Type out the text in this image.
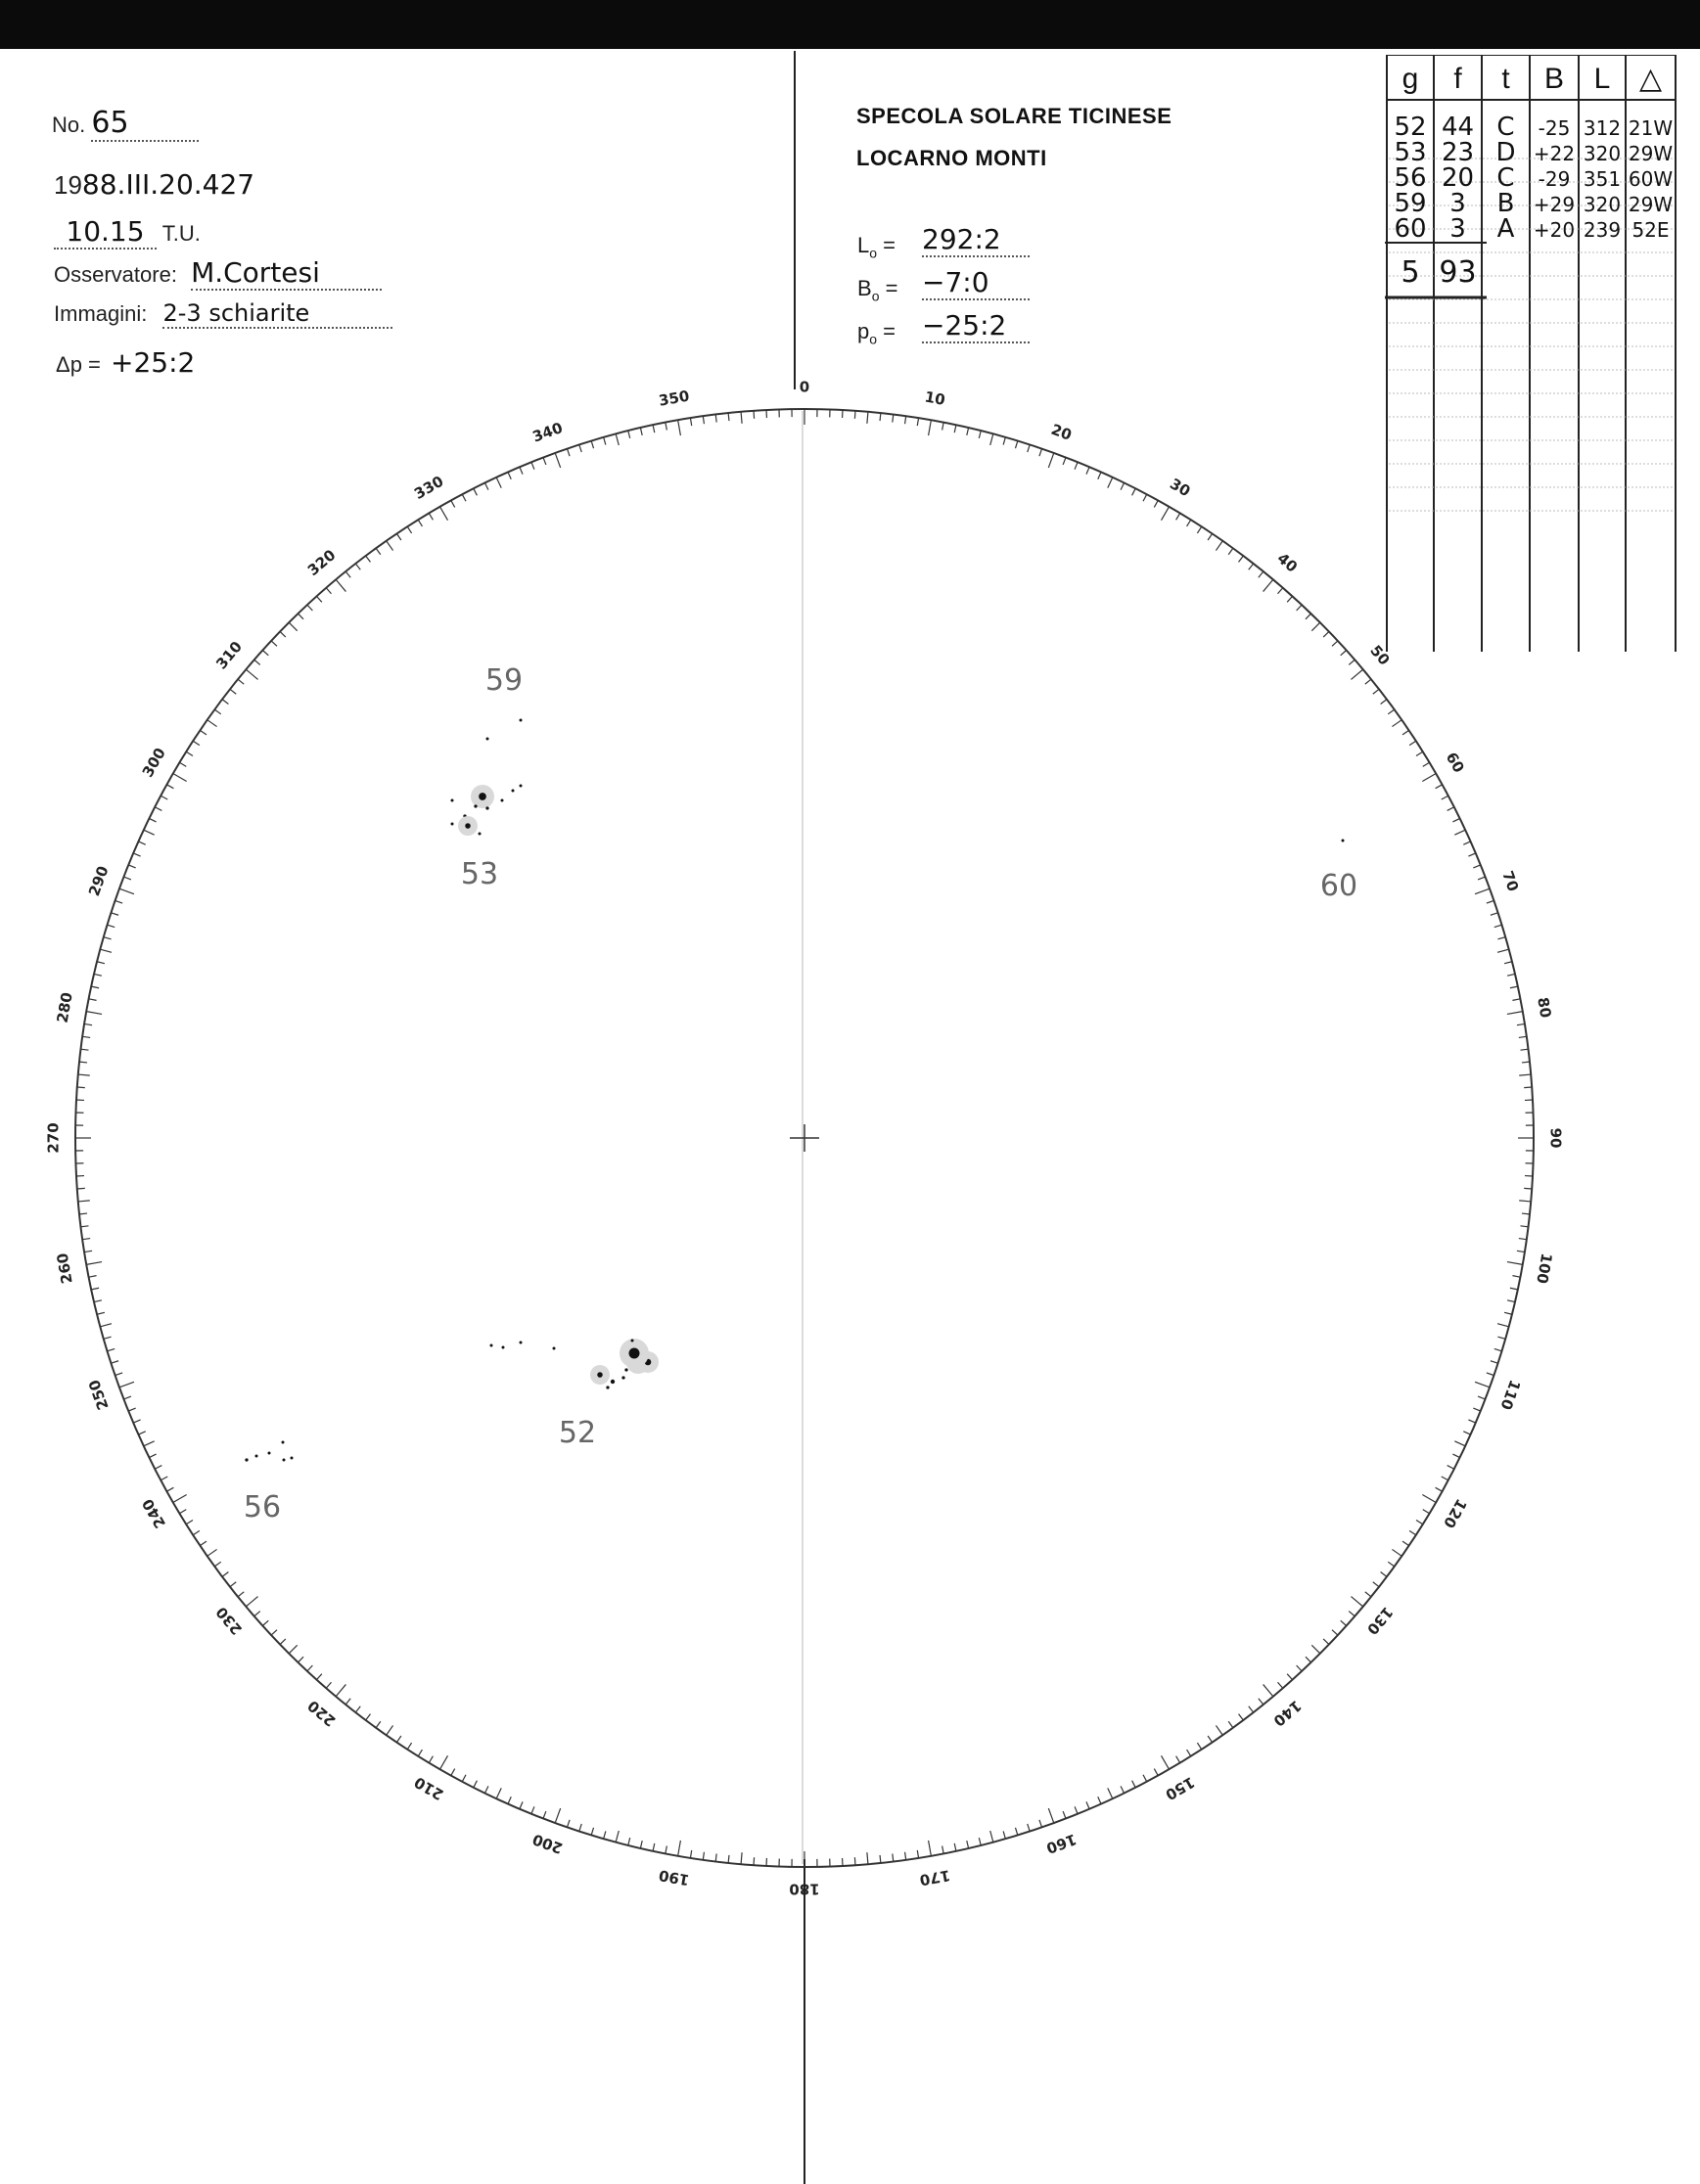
No. 65
1988.III.20.427
10.15 T.U.
Osservatore: M.Cortesi
Immagini: 2-3 schiarite
Δp = +25:2
SPECOLA SOLARE TICINESE
LOCARNO MONTI
$L_o$ = 292:2
$B_o$ = −7:0
$p_o$ = −25:2
g f t B L △
52 44 C -25 312 21W
53 23 D +22 320 29W
56 20 C -29 351 60W
59 3 B +29 320 29W
60 3 A +20 239 52E
5 93
0
10
20
30
40
50
60
70
80
90
100
110
120
130
140
150
160
170
180
190
200
210
220
230
240
250
260
270
280
290
300
310
320
330
340
350
59
53	60
52
56
